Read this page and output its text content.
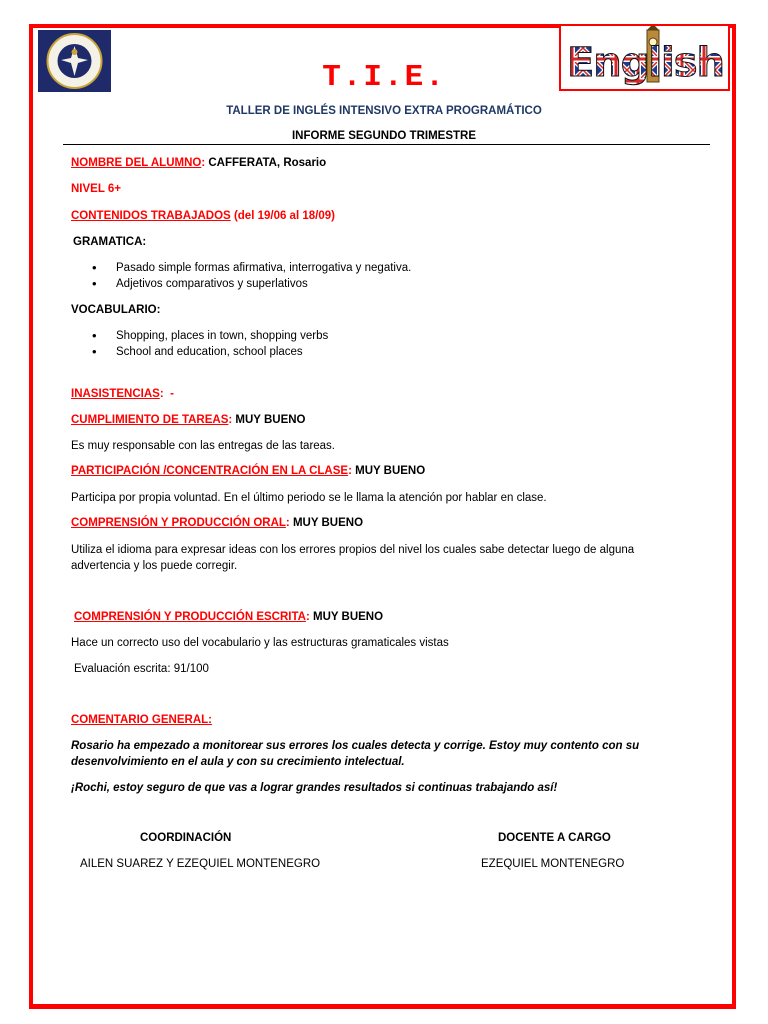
English
T.I.E.
TALLER DE INGLÉS INTENSIVO EXTRA PROGRAMÁTICO
INFORME SEGUNDO TRIMESTRE
NOMBRE DEL ALUMNO: CAFFERATA, Rosario
NIVEL 6+
CONTENIDOS TRABAJADOS (del 19/06 al 18/09)
GRAMATICA:
• Pasado simple formas afirmativa, interrogativa y negativa.
• Adjetivos comparativos y superlativos
VOCABULARIO:
• Shopping, places in town, shopping verbs
• School and education, school places
INASISTENCIAS:  -
CUMPLIMIENTO DE TAREAS: MUY BUENO
Es muy responsable con las entregas de las tareas.
PARTICIPACIÓN /CONCENTRACIÓN EN LA CLASE: MUY BUENO
Participa por propia voluntad. En el último periodo se le llama la atención por hablar en clase.
COMPRENSIÓN Y PRODUCCIÓN ORAL: MUY BUENO
Utiliza el idioma para expresar ideas con los errores propios del nivel los cuales sabe detectar luego de alguna
advertencia y los puede corregir.
COMPRENSIÓN Y PRODUCCIÓN ESCRITA: MUY BUENO
Hace un correcto uso del vocabulario y las estructuras gramaticales vistas
Evaluación escrita: 91/100
COMENTARIO GENERAL:
Rosario ha empezado a monitorear sus errores los cuales detecta y corrige. Estoy muy contento con su
desenvolvimiento en el aula y con su crecimiento intelectual.
¡Rochi, estoy seguro de que vas a lograr grandes resultados si continuas trabajando así!
COORDINACIÓN
AILEN SUAREZ Y EZEQUIEL MONTENEGRO
DOCENTE A CARGO
EZEQUIEL MONTENEGRO
